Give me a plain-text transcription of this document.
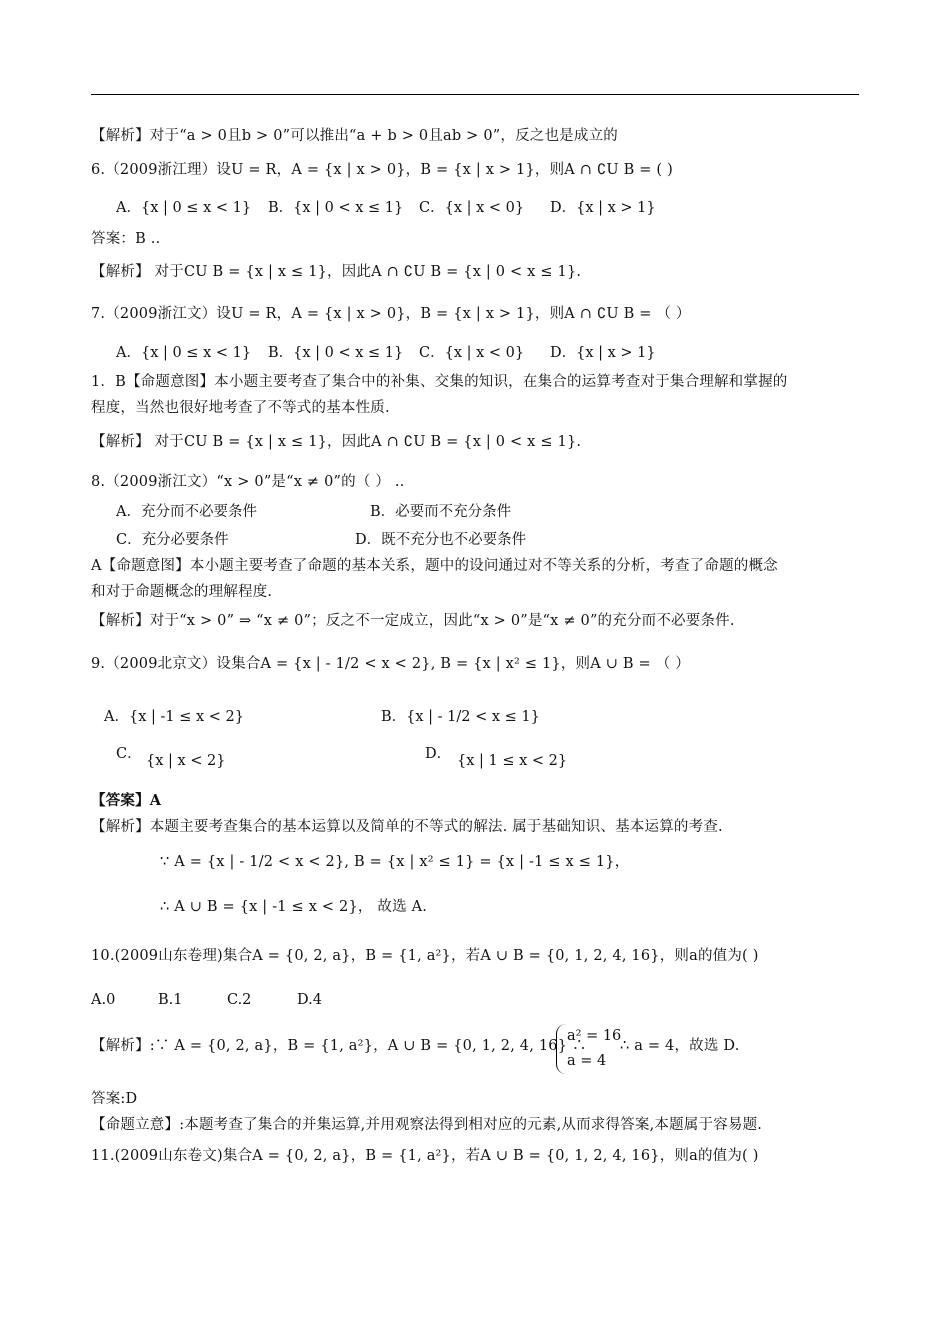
【解析】对于“a > 0且b > 0”可以推出“a + b > 0且ab > 0”，反之也是成立的
6.（2009浙江理）设U = R，A = {x | x > 0}，B = {x | x > 1}，则A ∩ ∁U B = ( )
A．{x | 0 ≤ x < 1} B．{x | 0 < x ≤ 1} C．{x | x < 0} D．{x | x > 1}
答案：B ..
【解析】 对于CU B = {x | x ≤ 1}，因此A ∩ ∁U B = {x | 0 < x ≤ 1}.
7.（2009浙江文）设U = R，A = {x | x > 0}，B = {x | x > 1}，则A ∩ ∁U B = （ ）
A．{x | 0 ≤ x < 1} B．{x | 0 < x ≤ 1} C．{x | x < 0} D．{x | x > 1}
1．B【命题意图】本小题主要考查了集合中的补集、交集的知识，在集合的运算考查对于集合理解和掌握的
程度，当然也很好地考查了不等式的基本性质.
【解析】 对于CU B = {x | x ≤ 1}，因此A ∩ ∁U B = {x | 0 < x ≤ 1}.
8.（2009浙江文）“x > 0”是“x ≠ 0”的（ ） ..
A．充分而不必要条件	B．必要而不充分条件
C．充分必要条件	D．既不充分也不必要条件
A【命题意图】本小题主要考查了命题的基本关系，题中的设问通过对不等关系的分析，考查了命题的概念
和对于命题概念的理解程度.
【解析】对于“x > 0” ⇒ “x ≠ 0”；反之不一定成立，因此“x > 0”是“x ≠ 0”的充分而不必要条件.
9.（2009北京文）设集合A = {x | - 1/2 < x < 2}, B = {x | x² ≤ 1}，则A ∪ B = （ ）
A．{x | -1 ≤ x < 2}	B．{x | - 1/2 < x ≤ 1}
C． {x | x < 2}	D． {x | 1 ≤ x < 2}
【答案】A
【解析】本题主要考查集合的基本运算以及简单的不等式的解法. 属于基础知识、基本运算的考查.
∵ A = {x | - 1/2 < x < 2}, B = {x | x² ≤ 1} = {x | -1 ≤ x ≤ 1}，
∴ A ∪ B = {x | -1 ≤ x < 2}， 故选 A.
10.(2009山东卷理)集合A = {0, 2, a}，B = {1, a²}，若A ∪ B = {0, 1, 2, 4, 16}，则a的值为( )
A.0	B.1	C.2	D.4
【解析】:∵ A = {0, 2, a}，B = {1, a²}，A ∪ B = {0, 1, 2, 4, 16} ∴
a² = 16
a = 4
∴ a = 4，故选 D.
答案:D
【命题立意】:本题考查了集合的并集运算,并用观察法得到相对应的元素,从而求得答案,本题属于容易题.
11.(2009山东卷文)集合A = {0, 2, a}，B = {1, a²}，若A ∪ B = {0, 1, 2, 4, 16}，则a的值为( )
